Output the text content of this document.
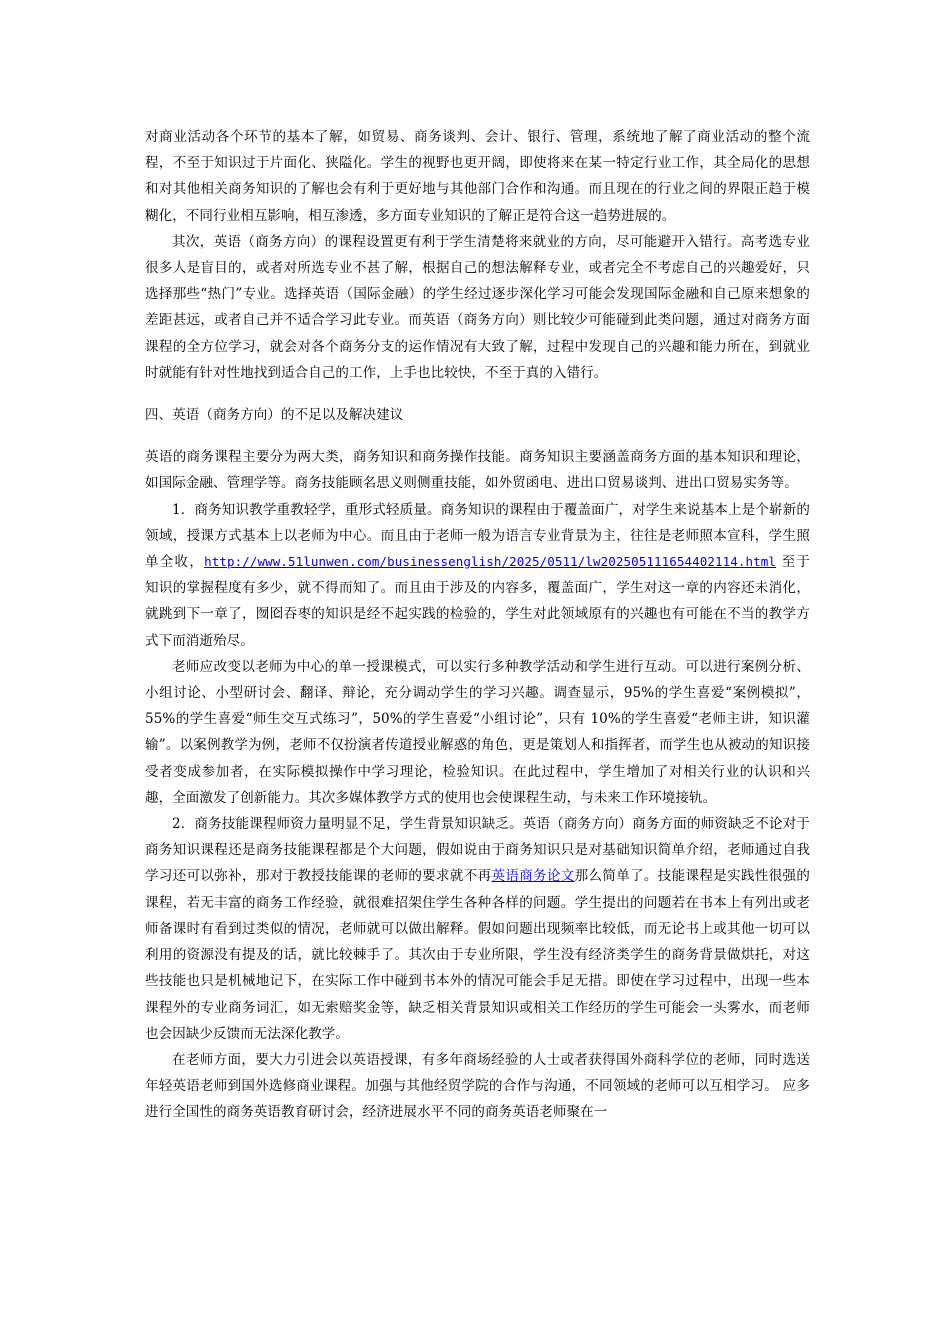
对商业活动各个环节的基本了解，如贸易、商务谈判、会计、银行、管理，系统地了解了商业活动的整个流程，不至于知识过于片面化、狭隘化。学生的视野也更开阔，即使将来在某一特定行业工作，其全局化的思想和对其他相关商务知识的了解也会有利于更好地与其他部门合作和沟通。而且现在的行业之间的界限正趋于模糊化，不同行业相互影响，相互渗透，多方面专业知识的了解正是符合这一趋势进展的。

其次，英语（商务方向）的课程设置更有利于学生清楚将来就业的方向，尽可能避开入错行。高考选专业很多人是盲目的，或者对所选专业不甚了解，根据自己的想法解释专业，或者完全不考虑自己的兴趣爱好，只选择那些“热门”专业。选择英语（国际金融）的学生经过逐步深化学习可能会发现国际金融和自己原来想象的差距甚远，或者自己并不适合学习此专业。而英语（商务方向）则比较少可能碰到此类问题，通过对商务方面课程的全方位学习，就会对各个商务分支的运作情况有大致了解，过程中发现自己的兴趣和能力所在，到就业时就能有针对性地找到适合自己的工作，上手也比较快，不至于真的入错行。

四、英语（商务方向）的不足以及解决建议

英语的商务课程主要分为两大类，商务知识和商务操作技能。商务知识主要涵盖商务方面的基本知识和理论，如国际金融、管理学等。商务技能顾名思义则侧重技能，如外贸函电、进出口贸易谈判、进出口贸易实务等。

1．商务知识教学重教轻学，重形式轻质量。商务知识的课程由于覆盖面广，对学生来说基本上是个崭新的领域，授课方式基本上以老师为中心。而且由于老师一般为语言专业背景为主，往往是老师照本宣科，学生照单全收，http://www.51lunwen.com/businessenglish/2025/0511/lw202505111654402114.html 至于知识的掌握程度有多少，就不得而知了。而且由于涉及的内容多，覆盖面广，学生对这一章的内容还未消化，就跳到下一章了，囫囵吞枣的知识是经不起实践的检验的，学生对此领域原有的兴趣也有可能在不当的教学方式下而消逝殆尽。

老师应改变以老师为中心的单一授课模式，可以实行多种教学活动和学生进行互动。可以进行案例分析、小组讨论、小型研讨会、翻译、辩论，充分调动学生的学习兴趣。调查显示，95%的学生喜爱“案例模拟”，55%的学生喜爱“师生交互式练习”，50%的学生喜爱“小组讨论”，只有 10%的学生喜爱“老师主讲，知识灌输”。以案例教学为例，老师不仅扮演者传道授业解惑的角色，更是策划人和指挥者，而学生也从被动的知识接受者变成参加者，在实际模拟操作中学习理论，检验知识。在此过程中，学生增加了对相关行业的认识和兴趣，全面激发了创新能力。其次多媒体教学方式的使用也会使课程生动，与未来工作环境接轨。

2．商务技能课程师资力量明显不足，学生背景知识缺乏。英语（商务方向）商务方面的师资缺乏不论对于商务知识课程还是商务技能课程都是个大问题，假如说由于商务知识只是对基础知识简单介绍，老师通过自我学习还可以弥补，那对于教授技能课的老师的要求就不再英语商务论文那么简单了。技能课程是实践性很强的课程，若无丰富的商务工作经验，就很难招架住学生各种各样的问题。学生提出的问题若在书本上有列出或老师备课时有看到过类似的情况，老师就可以做出解释。假如问题出现频率比较低，而无论书上或其他一切可以利用的资源没有提及的话，就比较棘手了。其次由于专业所限，学生没有经济类学生的商务背景做烘托，对这些技能也只是机械地记下，在实际工作中碰到书本外的情况可能会手足无措。即使在学习过程中，出现一些本课程外的专业商务词汇，如无索赔奖金等，缺乏相关背景知识或相关工作经历的学生可能会一头雾水，而老师也会因缺少反馈而无法深化教学。

在老师方面，要大力引进会以英语授课，有多年商场经验的人士或者获得国外商科学位的老师，同时选送年轻英语老师到国外选修商业课程。加强与其他经贸学院的合作与沟通，不同领域的老师可以互相学习。 应多进行全国性的商务英语教育研讨会，经济进展水平不同的商务英语老师聚在一
